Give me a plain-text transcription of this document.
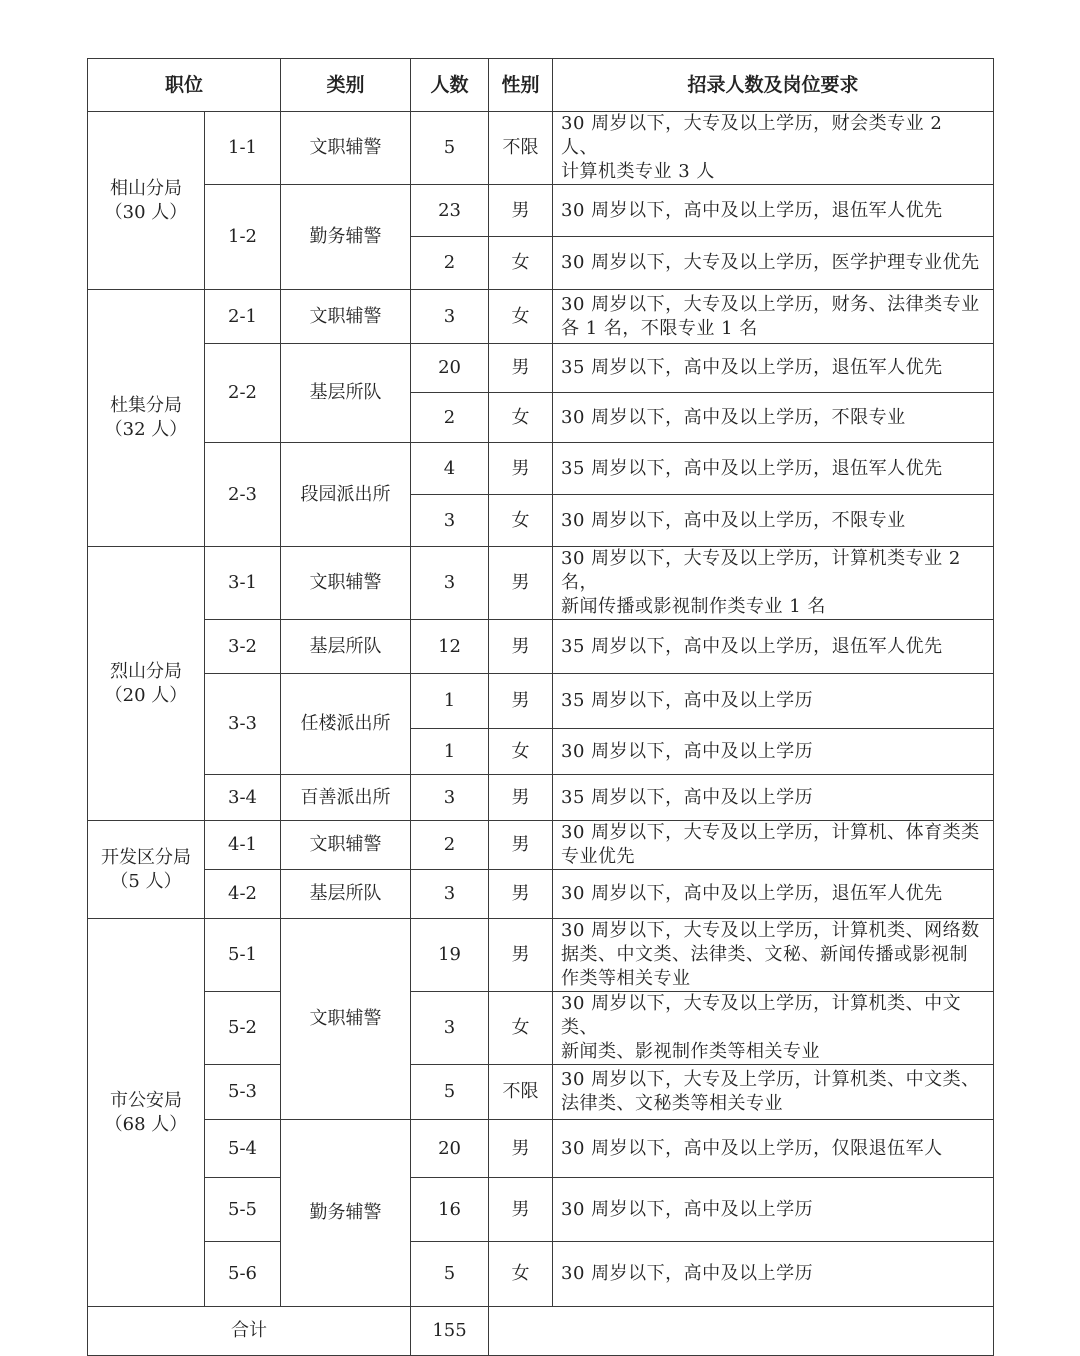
职位		类别	人数	性别	招录人数及岗位要求

相山分局
（30 人）	1-1	文职辅警	5	不限	30 周岁以下，大专及以上学历，财会类专业 2 人、
计算机类专业 3 人

	1-2	勤务辅警	23	男	30 周岁以下，高中及以上学历，退伍军人优先
			2	女	30 周岁以下，大专及以上学历，医学护理专业优先

杜集分局
（32 人）	2-1	文职辅警	3	女	30 周岁以下，大专及以上学历，财务、法律类专业
各 1 名，不限专业 1 名

	2-2	基层所队	20	男	35 周岁以下，高中及以上学历，退伍军人优先
			2	女	30 周岁以下，高中及以上学历，不限专业
	2-3	段园派出所	4	男	35 周岁以下，高中及以上学历，退伍军人优先
			3	女	30 周岁以下，高中及以上学历，不限专业

烈山分局
（20 人）	3-1	文职辅警	3	男	30 周岁以下，大专及以上学历，计算机类专业 2 名，
新闻传播或影视制作类专业 1 名

	3-2	基层所队	12	男	35 周岁以下，高中及以上学历，退伍军人优先
	3-3	任楼派出所	1	男	35 周岁以下，高中及以上学历
			1	女	30 周岁以下，高中及以上学历
	3-4	百善派出所	3	男	35 周岁以下，高中及以上学历

开发区分局
（5 人）	4-1	文职辅警	2	男	30 周岁以下，大专及以上学历，计算机、体育类类
专业优先

	4-2	基层所队	3	男	30 周岁以下，高中及以上学历，退伍军人优先

市公安局
（68 人）	5-1	文职辅警	19	男	30 周岁以下，大专及以上学历，计算机类、网络数
据类、中文类、法律类、文秘、新闻传播或影视制
作类等相关专业

	5-2		3	女	30 周岁以下，大专及以上学历，计算机类、中文类、
新闻类、影视制作类等相关专业

	5-3		5	不限	30 周岁以下，大专及上学历，计算机类、中文类、
法律类、文秘类等相关专业

	5-4	勤务辅警	20	男	30 周岁以下，高中及以上学历，仅限退伍军人
	5-5		16	男	30 周岁以下，高中及以上学历
	5-6		5	女	30 周岁以下，高中及以上学历
合计			155		
